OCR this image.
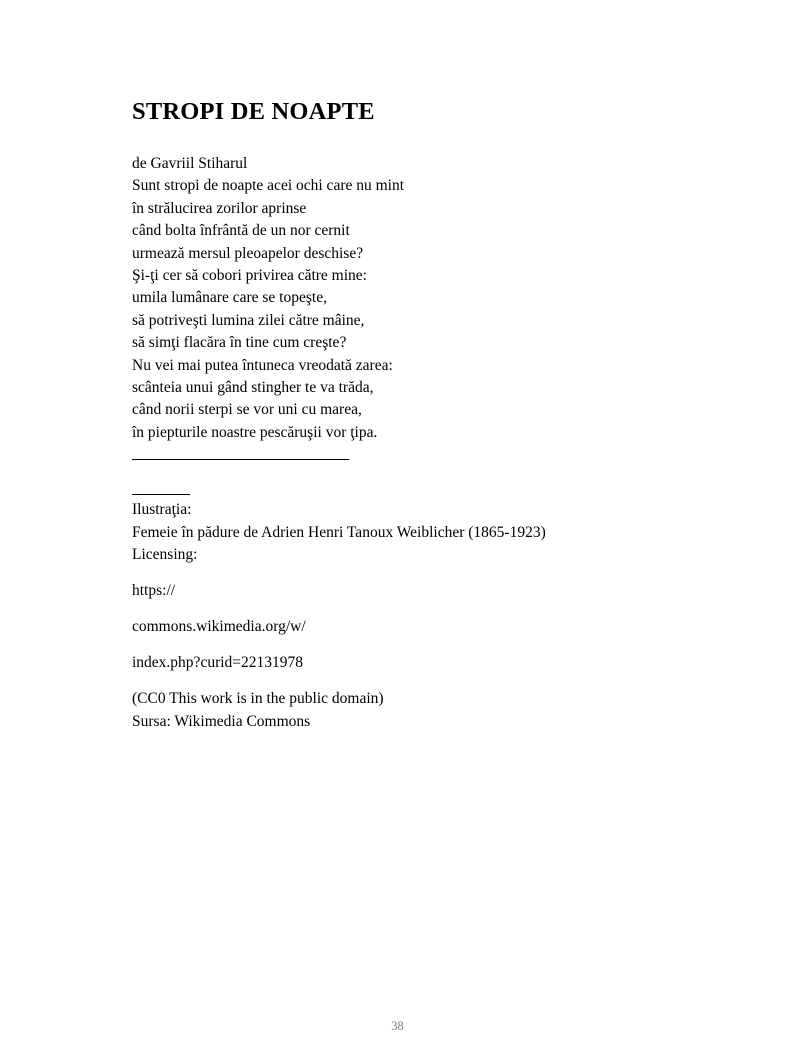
STROPI DE NOAPTE
de Gavriil Stiharul
Sunt stropi de noapte acei ochi care nu mint
în strălucirea zorilor aprinse
când bolta înfrântă de un nor cernit
urmează mersul pleoapelor deschise?
Şi-ţi cer să cobori privirea către mine:
umila lumânare care se topeşte,
să potriveşti lumina zilei către mâine,
să simţi flacăra în tine cum creşte?
Nu vei mai putea întuneca vreodată zarea:
scânteia unui gând stingher te va trăda,
când norii sterpi se vor uni cu marea,
în piepturile noastre pescăruşii vor ţipa.
Ilustraţia:
Femeie în pădure de Adrien Henri Tanoux Weiblicher (1865-1923)
Licensing:
https://
commons.wikimedia.org/w/
index.php?curid=22131978
(CC0 This work is in the public domain)
Sursa: Wikimedia Commons
38
